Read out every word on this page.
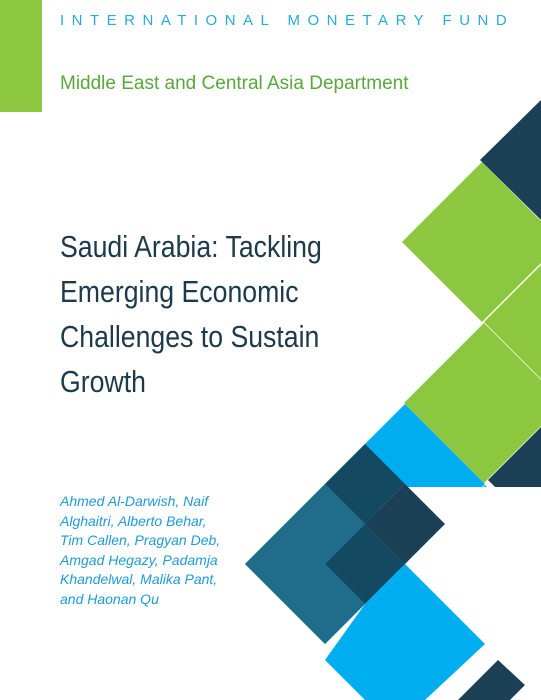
INTERNATIONAL MONETARY FUND
Middle East and Central Asia Department
Saudi Arabia: Tackling
Emerging Economic
Challenges to Sustain
Growth
Ahmed Al-Darwish, Naif
Alghaitri, Alberto Behar,
Tim Callen, Pragyan Deb,
Amgad Hegazy, Padamja
Khandelwal, Malika Pant,
and Haonan Qu
